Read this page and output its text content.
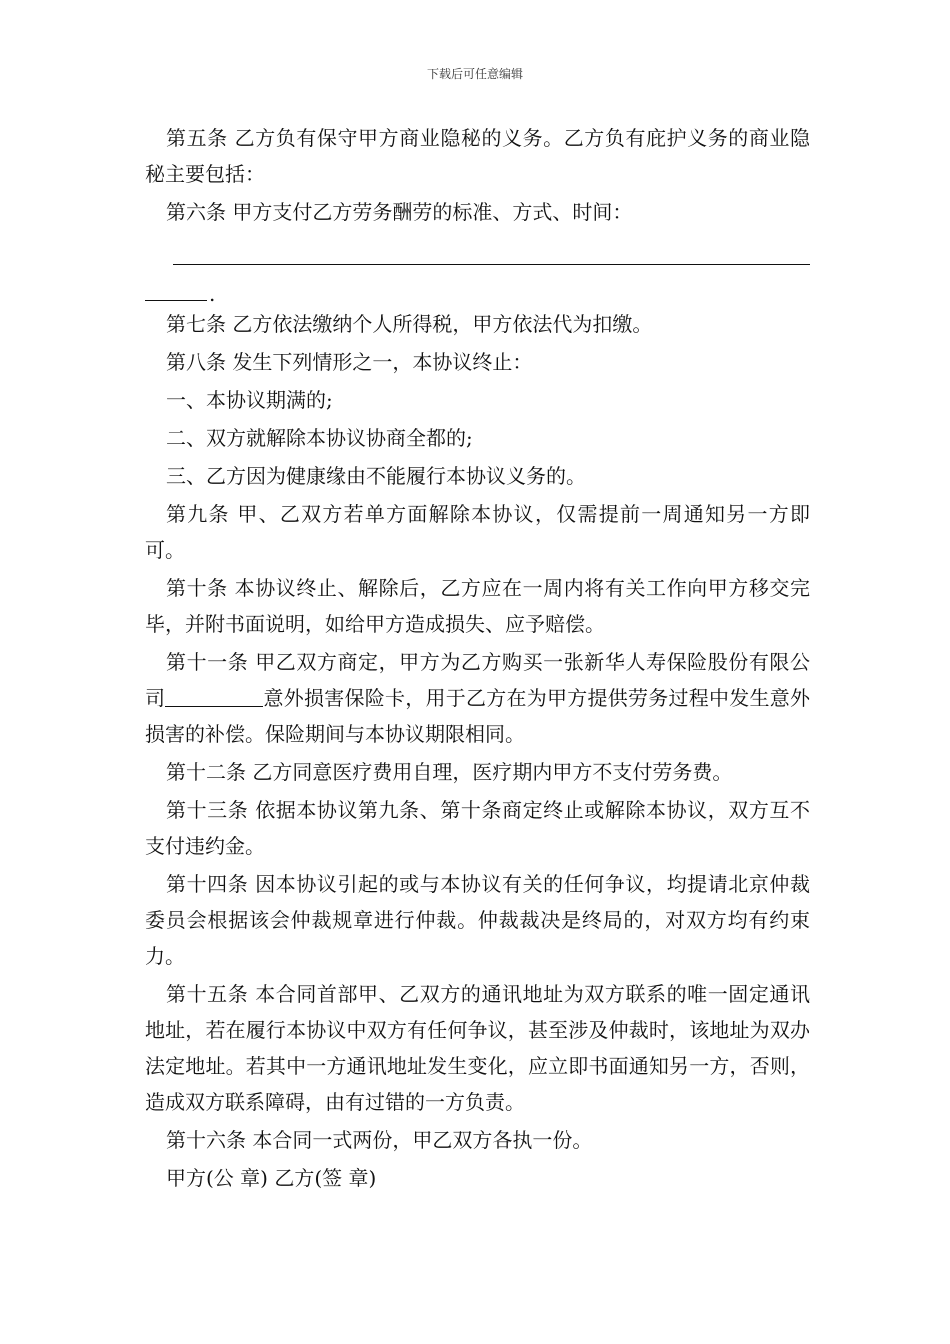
下载后可任意编辑

第五条 乙方负有保守甲方商业隐秘的义务。乙方负有庇护义务的商业隐秘主要包括：

第六条 甲方支付乙方劳务酬劳的标准、方式、时间：

.

第七条 乙方依法缴纳个人所得税，甲方依法代为扣缴。

第八条 发生下列情形之一，本协议终止：

一、本协议期满的;

二、双方就解除本协议协商全都的;

三、乙方因为健康缘由不能履行本协议义务的。

第九条 甲、乙双方若单方面解除本协议，仅需提前一周通知另一方即可。

第十条 本协议终止、解除后，乙方应在一周内将有关工作向甲方移交完毕，并附书面说明，如给甲方造成损失、应予赔偿。

第十一条 甲乙双方商定，甲方为乙方购买一张新华人寿保险股份有限公司	意外损害保险卡，用于乙方在为甲方提供劳务过程中发生意外损害的补偿。保险期间与本协议期限相同。

第十二条 乙方同意医疗费用自理，医疗期内甲方不支付劳务费。

第十三条 依据本协议第九条、第十条商定终止或解除本协议，双方互不支付违约金。

第十四条 因本协议引起的或与本协议有关的任何争议，均提请北京仲裁委员会根据该会仲裁规章进行仲裁。仲裁裁决是终局的，对双方均有约束力。

第十五条 本合同首部甲、乙双方的通讯地址为双方联系的唯一固定通讯地址，若在履行本协议中双方有任何争议，甚至涉及仲裁时，该地址为双办法定地址。若其中一方通讯地址发生变化，应立即书面通知另一方，否则，造成双方联系障碍，由有过错的一方负责。

第十六条 本合同一式两份，甲乙双方各执一份。

甲方(公 章) 乙方(签 章)
